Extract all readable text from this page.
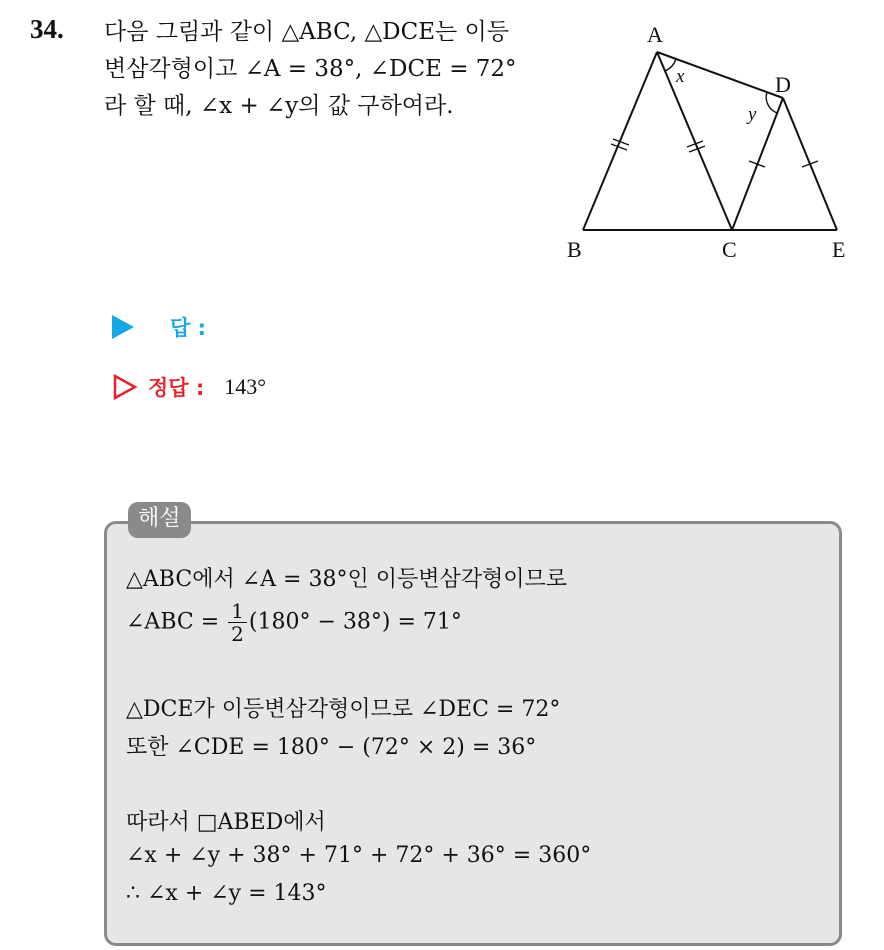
34. 다음 그림과 같이 △ABC, △DCE는 이등
변삼각형이고 ∠A = 38°, ∠DCE = 72°
라 할 때, ∠x + ∠y의 값 구하여라.
A
B	C
D
E
x
y
답 :
정답 : 143°
해설
△ABC에서 ∠A = 38°인 이등변삼각형이므로
∠ABC = $\frac{1}{2} (180^\circ - 38^\circ) = 71^\circ$
△DCE가 이등변삼각형이므로 ∠DEC = 72°
또한 ∠CDE = 180° − (72° × 2) = 36°
따라서 □ABED에서
∠x + ∠y + 38° + 71° + 72° + 36° = 360°
∴ ∠x + ∠y = 143°
